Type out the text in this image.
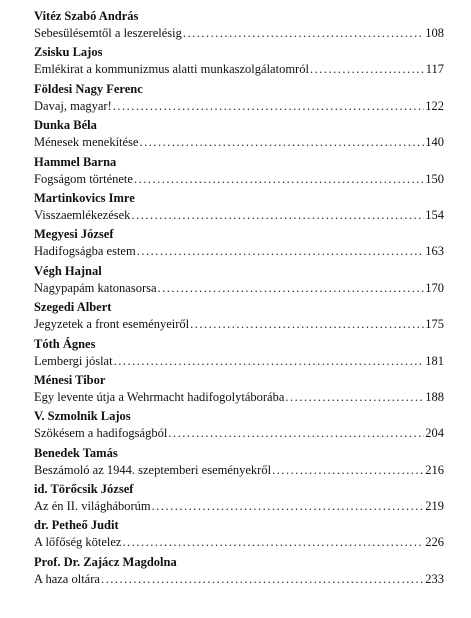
Vitéz Szabó András
Sebesülésemtől a leszerelésig .....	108
Zsisku Lajos
Emlékirat a kommunizmus alatti munkaszolgálatomról .....	117
Földesi Nagy Ferenc
Davaj, magyar! .....	122
Dunka Béla
Ménesek menekítése .....	140
Hammel Barna
Fogságom története .....	150
Martinkovics Imre
Visszaemlékezések .....	154
Megyesi József
Hadifogságba estem .....	163
Végh Hajnal
Nagypapám katonasorsa .....	170
Szegedi Albert
Jegyzetek a front eseményeiről .....	175
Tóth Ágnes
Lembergi jóslat .....	181
Ménesi Tibor
Egy levente útja a Wehrmacht hadifogolytáborába .....	188
V. Szmolnik Lajos
Szökésem a hadifogságból .....	204
Benedek Tamás
Beszámoló az 1944. szeptemberi eseményekről .....	216
id. Törőcsik József
Az én II. világháborúm .....	219
dr. Petheő Judit
A lőfőség kötelez .....	226
Prof. Dr. Zajácz Magdolna
A haza oltára .....	233
